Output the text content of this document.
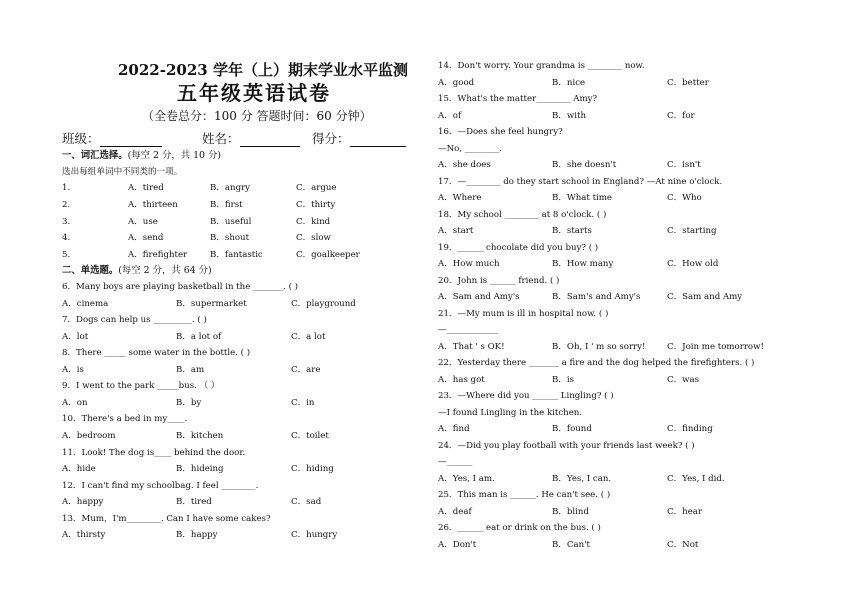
2022-2023 学年（上）期末学业水平监测
五年级英语试卷
（全卷总分：100 分 答题时间：60 分钟）
班级：	姓名：	得分：
一、词汇选择。(每空 2 分，共 10 分)
选出每组单词中不同类的一项。
1.	A．tired	B．angry	C．argue
2.	A．thirteen	B．first	C．thirty
3.	A．use	B．useful	C．kind
4.	A．send	B．shout	C．slow
5.	A．firefighter	B．fantastic	C．goalkeeper
二、单选题。(每空 2 分，共 64 分)
6．Many boys are playing basketball in the _______. ( )
A．cinema	B．supermarket	C．playground
7．Dogs can help us _________. ( )
A．lot	B．a lot of	C．a lot
8．There _____ some water in the bottle. ( )
A．is	B．am	C．are
9．I went to the park _____bus. （ ）
A．on	B．by	C．in
10．There's a bed in my____.
A．bedroom	B．kitchen	C．toilet
11．Look! The dog is____ behind the door.
A．hide	B．hideing	C．hiding
12．I can't find my schoolbag. I feel ________.
A．happy	B．tired	C．sad
13．Mum，I'm________. Can I have some cakes?
A．thirsty	B．happy	C．hungry
14．Don't worry. Your grandma is ________ now.
A．good	B．nice	C．better
15．What's the matter________ Amy?
A．of	B．with	C．for
16．—Does she feel hungry?
—No, ________.
A．she does	B．she doesn't	C．isn't
17．—________ do they start school in England? —At nine o'clock.
A．Where	B．What time	C．Who
18．My school ________ at 8 o'clock. ( )
A．start	B．starts	C．starting
19．______ chocolate did you buy? ( )
A．How much	B．How many	C．How old
20．John is ______ friend. ( )
A．Sam and Amy's	B．Sam's and Amy's	C．Sam and Amy
21．—My mum is ill in hospital now. ( )
—____________
A．That ' s OK!	B．Oh, I ' m so sorry!	C．Join me tomorrow!
22．Yesterday there _______ a fire and the dog helped the firefighters. ( )
A．has got	B．is	C．was
23．—Where did you ______ Lingling? ( )
—I found Lingling in the kitchen.
A．find	B．found	C．finding
24．—Did you play football with your friends last week? ( )
—______
A．Yes, I am.	B．Yes, I can.	C．Yes, I did.
25．This man is ______. He can't see. ( )
A．deaf	B．blind	C．hear
26．______ eat or drink on the bus. ( )
A．Don't	B．Can't	C．Not
